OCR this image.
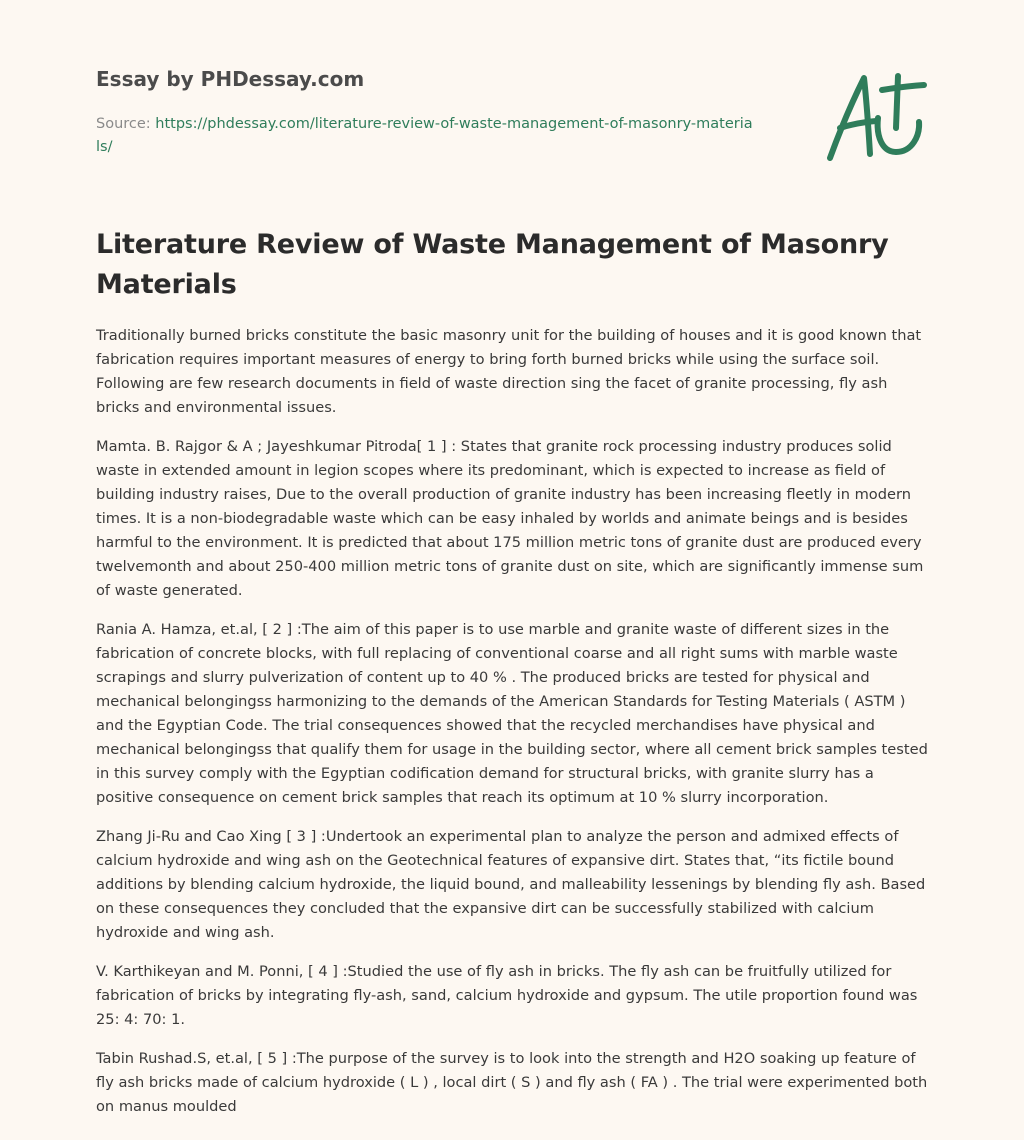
Essay by PHDessay.com
Source: https://phdessay.com/literature-review-of-waste-management-of-masonry-materials/
Literature Review of Waste Management of Masonry Materials

Traditionally burned bricks constitute the basic masonry unit for the building of houses and it is good known that fabrication requires important measures of energy to bring forth burned bricks while using the surface soil. Following are few research documents in field of waste direction sing the facet of granite processing, fly ash bricks and environmental issues.

Mamta. B. Rajgor & A ; Jayeshkumar Pitroda[ 1 ] : States that granite rock processing industry produces solid waste in extended amount in legion scopes where its predominant, which is expected to increase as field of building industry raises, Due to the overall production of granite industry has been increasing fleetly in modern times. It is a non-biodegradable waste which can be easy inhaled by worlds and animate beings and is besides harmful to the environment. It is predicted that about 175 million metric tons of granite dust are produced every twelvemonth and about 250-400 million metric tons of granite dust on site, which are significantly immense sum of waste generated.

Rania A. Hamza, et.al, [ 2 ] :The aim of this paper is to use marble and granite waste of different sizes in the fabrication of concrete blocks, with full replacing of conventional coarse and all right sums with marble waste scrapings and slurry pulverization of content up to 40 % . The produced bricks are tested for physical and mechanical belongingss harmonizing to the demands of the American Standards for Testing Materials ( ASTM ) and the Egyptian Code. The trial consequences showed that the recycled merchandises have physical and mechanical belongingss that qualify them for usage in the building sector, where all cement brick samples tested in this survey comply with the Egyptian codification demand for structural bricks, with granite slurry has a positive consequence on cement brick samples that reach its optimum at 10 % slurry incorporation.

Zhang Ji-Ru and Cao Xing [ 3 ] :Undertook an experimental plan to analyze the person and admixed effects of calcium hydroxide and wing ash on the Geotechnical features of expansive dirt. States that, “its fictile bound additions by blending calcium hydroxide, the liquid bound, and malleability lessenings by blending fly ash. Based on these consequences they concluded that the expansive dirt can be successfully stabilized with calcium hydroxide and wing ash.

V. Karthikeyan and M. Ponni, [ 4 ] :Studied the use of fly ash in bricks. The fly ash can be fruitfully utilized for fabrication of bricks by integrating fly-ash, sand, calcium hydroxide and gypsum. The utile proportion found was 25: 4: 70: 1.

Tabin Rushad.S, et.al, [ 5 ] :The purpose of the survey is to look into the strength and H2O soaking up feature of fly ash bricks made of calcium hydroxide ( L ) , local dirt ( S ) and fly ash ( FA ) . The trial were experimented both on manus moulded
